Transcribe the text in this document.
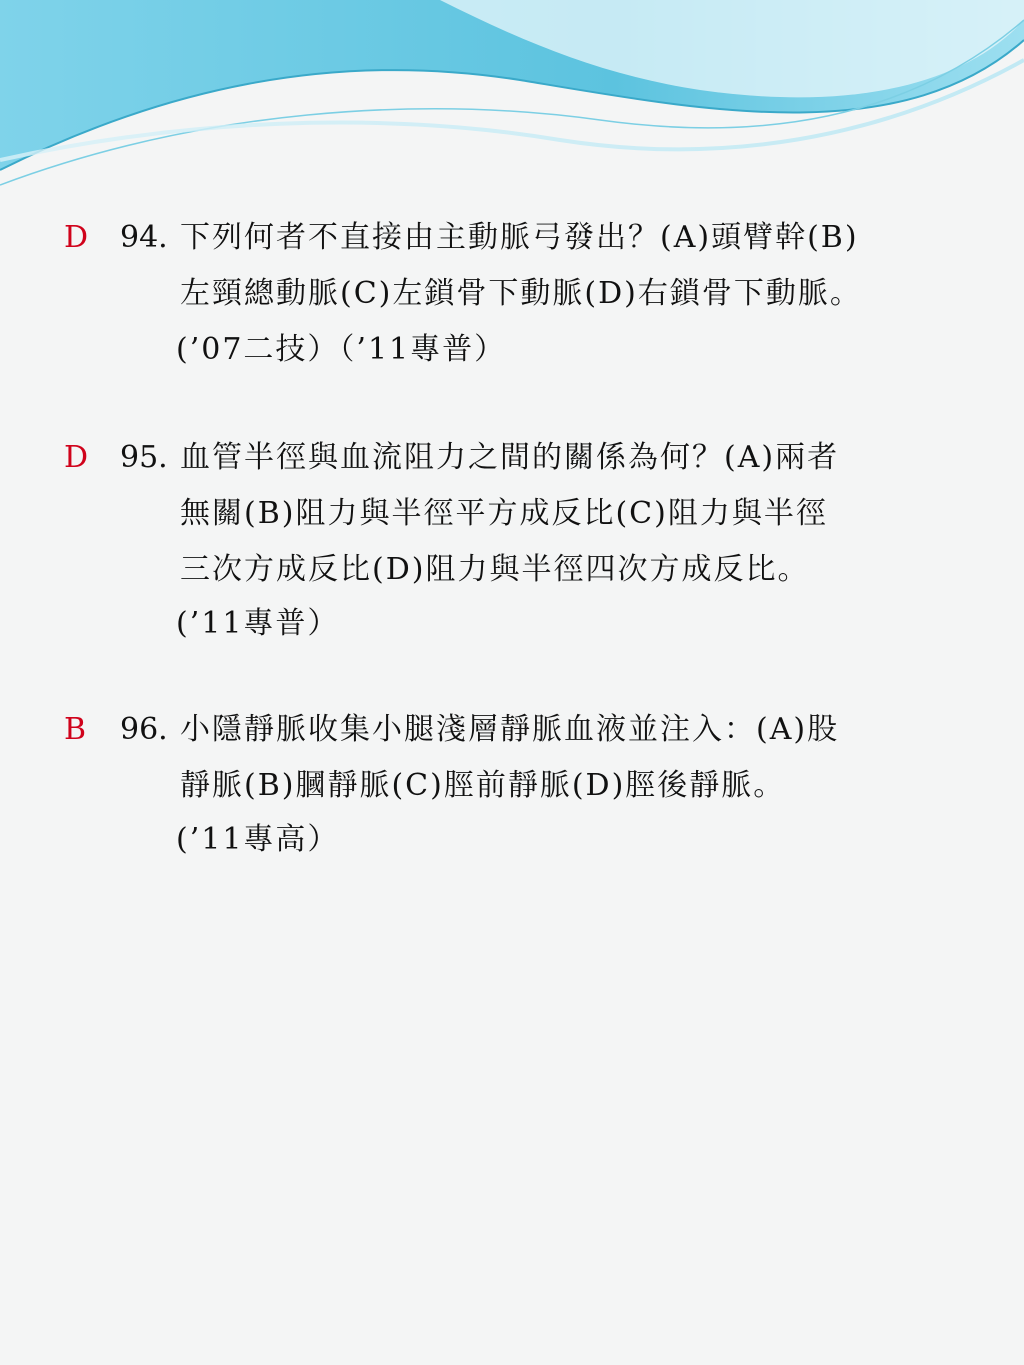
D 94. 下列何者不直接由主動脈弓發出？(A)頭臂幹(B)
左頸總動脈(C)左鎖骨下動脈(D)右鎖骨下動脈。
(’07二技）（’11專普）
D 95. 血管半徑與血流阻力之間的關係為何？(A)兩者
無關(B)阻力與半徑平方成反比(C)阻力與半徑
三次方成反比(D)阻力與半徑四次方成反比。
(’11專普）
B 96. 小隱靜脈收集小腿淺層靜脈血液並注入：(A)股
靜脈(B)膕靜脈(C)脛前靜脈(D)脛後靜脈。
(’11專高）
